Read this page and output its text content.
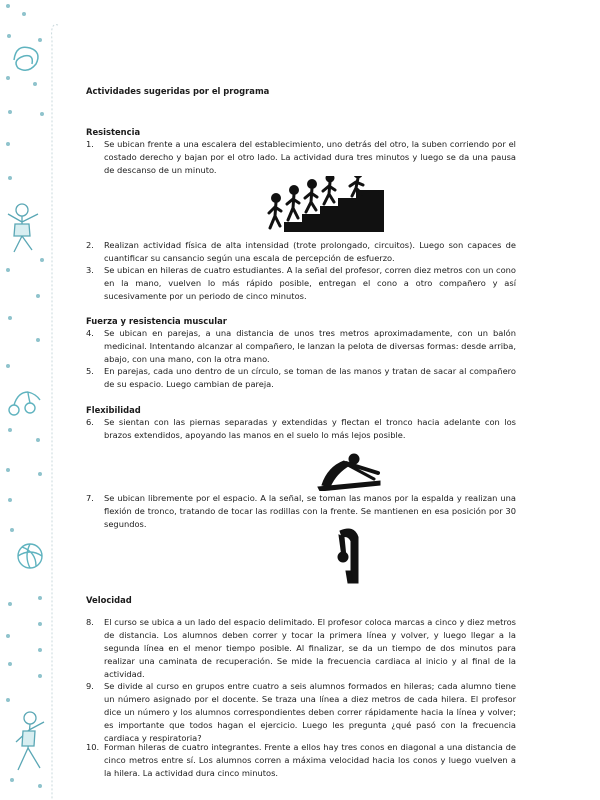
Actividades sugeridas por el programa
Resistencia
1. Se ubican frente a una escalera del establecimiento, uno detrás del otro, la suben corriendo por el costado derecho y bajan por el otro lado. La actividad dura tres minutos y luego se da una pausa de descanso de un minuto.
2. Realizan actividad física de alta intensidad (trote prolongado, circuitos). Luego son capaces de cuantificar su cansancio según una escala de percepción de esfuerzo.
3. Se ubican en hileras de cuatro estudiantes. A la señal del profesor, corren diez metros con un cono en la mano, vuelven lo más rápido posible, entregan el cono a otro compañero y así sucesivamente por un periodo de cinco minutos.
Fuerza y resistencia muscular
4. Se ubican en parejas, a una distancia de unos tres metros aproximadamente, con un balón medicinal. Intentando alcanzar al compañero, le lanzan la pelota de diversas formas: desde arriba, abajo, con una mano, con la otra mano.
5. En parejas, cada uno dentro de un círculo, se toman de las manos y tratan de sacar al compañero de su espacio. Luego cambian de pareja.
Flexibilidad
6. Se sientan con las piernas separadas y extendidas y flectan el tronco hacia adelante con los brazos extendidos, apoyando las manos en el suelo lo más lejos posible.
7. Se ubican libremente por el espacio. A la señal, se toman las manos por la espalda y realizan una flexión de tronco, tratando de tocar las rodillas con la frente. Se mantienen en esa posición por 30 segundos.
Velocidad
8. El curso se ubica a un lado del espacio delimitado. El profesor coloca marcas a cinco y diez metros de distancia. Los alumnos deben correr y tocar la primera línea y volver, y luego llegar a la segunda línea en el menor tiempo posible. Al finalizar, se da un tiempo de dos minutos para realizar una caminata de recuperación. Se mide la frecuencia cardiaca al inicio y al final de la actividad.
9. Se divide al curso en grupos entre cuatro a seis alumnos formados en hileras; cada alumno tiene un número asignado por el docente. Se traza una línea a diez metros de cada hilera. El profesor dice un número y los alumnos correspondientes deben correr rápidamente hacia la línea y volver; es importante que todos hagan el ejercicio. Luego les pregunta ¿qué pasó con la frecuencia cardiaca y respiratoria?
10. Forman hileras de cuatro integrantes. Frente a ellos hay tres conos en diagonal a una distancia de cinco metros entre sí. Los alumnos corren a máxima velocidad hacia los conos y luego vuelven a la hilera. La actividad dura cinco minutos.
